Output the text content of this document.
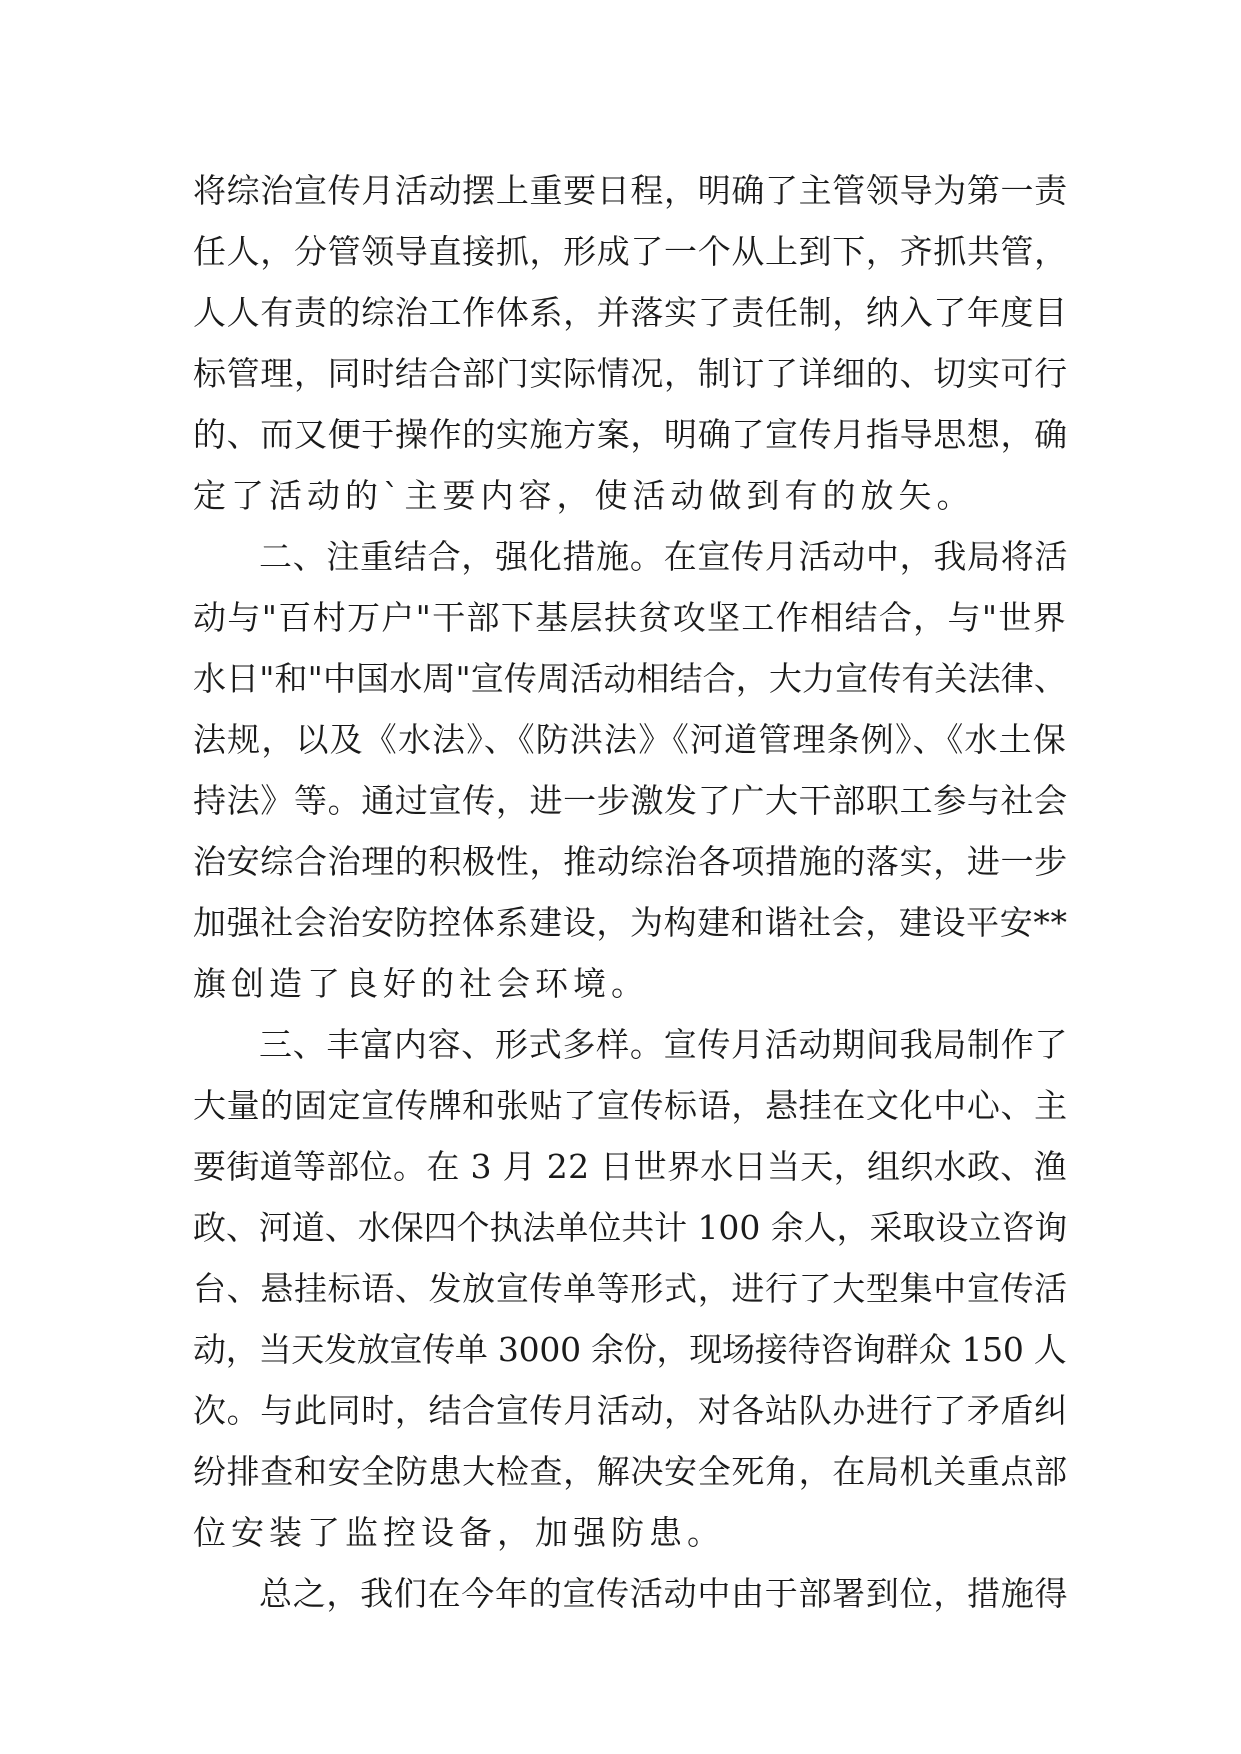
将综治宣传月活动摆上重要日程，明确了主管领导为第一责
任人，分管领导直接抓，形成了一个从上到下，齐抓共管，
人人有责的综治工作体系，并落实了责任制，纳入了年度目
标管理，同时结合部门实际情况，制订了详细的、切实可行
的、而又便于操作的实施方案，明确了宣传月指导思想，确
定了活动的`主要内容，使活动做到有的放矢。
二、注重结合，强化措施。在宣传月活动中，我局将活
动与"百村万户"干部下基层扶贫攻坚工作相结合，与"世界
水日"和"中国水周"宣传周活动相结合，大力宣传有关法律、
法规，以及《水法》、《防洪法》《河道管理条例》、《水土保
持法》等。通过宣传，进一步激发了广大干部职工参与社会
治安综合治理的积极性，推动综治各项措施的落实，进一步
加强社会治安防控体系建设，为构建和谐社会，建设平安**
旗创造了良好的社会环境。
三、丰富内容、形式多样。宣传月活动期间我局制作了
大量的固定宣传牌和张贴了宣传标语，悬挂在文化中心、主
要街道等部位。在 3 月 22 日世界水日当天，组织水政、渔
政、河道、水保四个执法单位共计 100 余人，采取设立咨询
台、悬挂标语、发放宣传单等形式，进行了大型集中宣传活
动，当天发放宣传单 3000 余份，现场接待咨询群众 150 人
次。与此同时，结合宣传月活动，对各站队办进行了矛盾纠
纷排查和安全防患大检查，解决安全死角，在局机关重点部
位安装了监控设备，加强防患。
总之，我们在今年的宣传活动中由于部署到位，措施得
